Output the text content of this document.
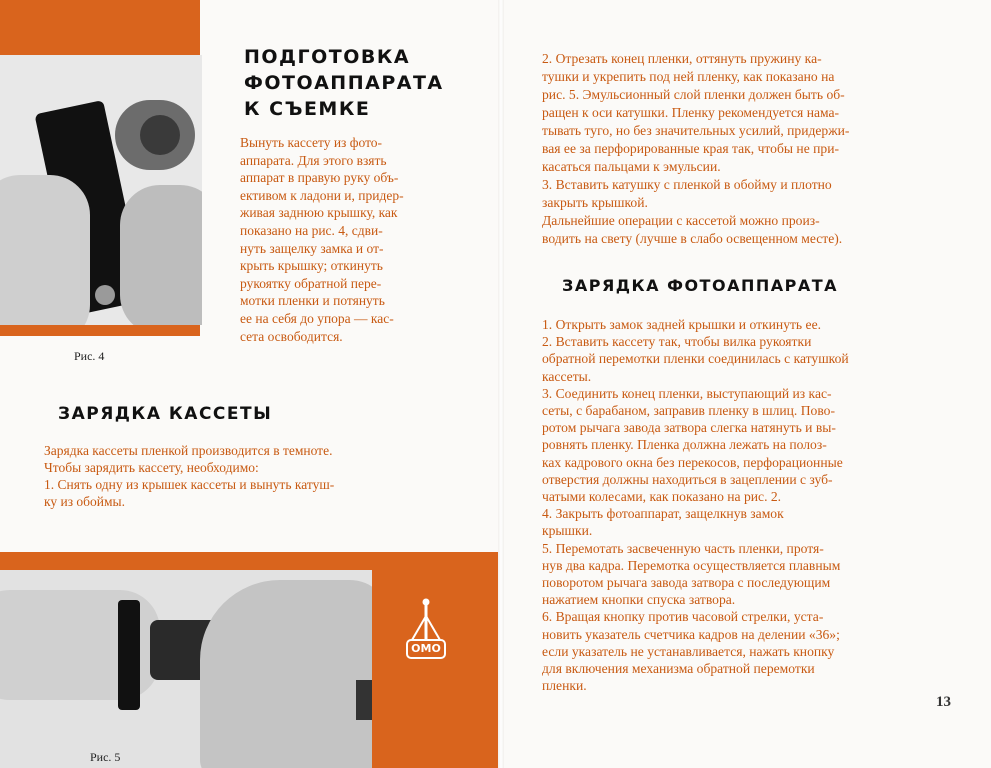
Рис. 4
ПОДГОТОВКА
ФОТОАППАРАТА
К СЪЕМКЕ
Вынуть кассету из фото-
аппарата. Для этого взять
аппарат в правую руку объ-
ективом к ладони и, придер-
живая заднюю крышку, как
показано на рис. 4, сдви-
нуть защелку замка и от-
крыть крышку; откинуть
рукоятку обратной пере-
мотки пленки и потянуть
ее на себя до упора — кас-
сета освободится.
ЗАРЯДКА КАССЕТЫ
Зарядка кассеты пленкой производится в темноте.
Чтобы зарядить кассету, необходимо:
1. Снять одну из крышек кассеты и вынуть катуш-
ку из обоймы.
Рис. 5
ОМО
2. Отрезать конец пленки, оттянуть пружину ка-
тушки и укрепить под ней пленку, как показано на
рис. 5. Эмульсионный слой пленки должен быть об-
ращен к оси катушки. Пленку рекомендуется нама-
тывать туго, но без значительных усилий, придержи-
вая ее за перфорированные края так, чтобы не при-
касаться пальцами к эмульсии.
3. Вставить катушку с пленкой в обойму и плотно
закрыть крышкой.
Дальнейшие операции с кассетой можно произ-
водить на свету (лучше в слабо освещенном месте).
ЗАРЯДКА ФОТОАППАРАТА
1. Открыть замок задней крышки и откинуть ее.
2. Вставить кассету так, чтобы вилка рукоятки
обратной перемотки пленки соединилась с катушкой
кассеты.
3. Соединить конец пленки, выступающий из кас-
сеты, с барабаном, заправив пленку в шлиц. Пово-
ротом рычага завода затвора слегка натянуть и вы-
ровнять пленку. Пленка должна лежать на полоз-
ках кадрового окна без перекосов, перфорационные
отверстия должны находиться в зацеплении с зуб-
чатыми колесами, как показано на рис. 2.
4. Закрыть фотоаппарат, защелкнув замок
крышки.
5. Перемотать засвеченную часть пленки, протя-
нув два кадра. Перемотка осуществляется плавным
поворотом рычага завода затвора с последующим
нажатием кнопки спуска затвора.
6. Вращая кнопку против часовой стрелки, уста-
новить указатель счетчика кадров на делении «36»;
если указатель не устанавливается, нажать кнопку
для включения механизма обратной перемотки
пленки.
13
